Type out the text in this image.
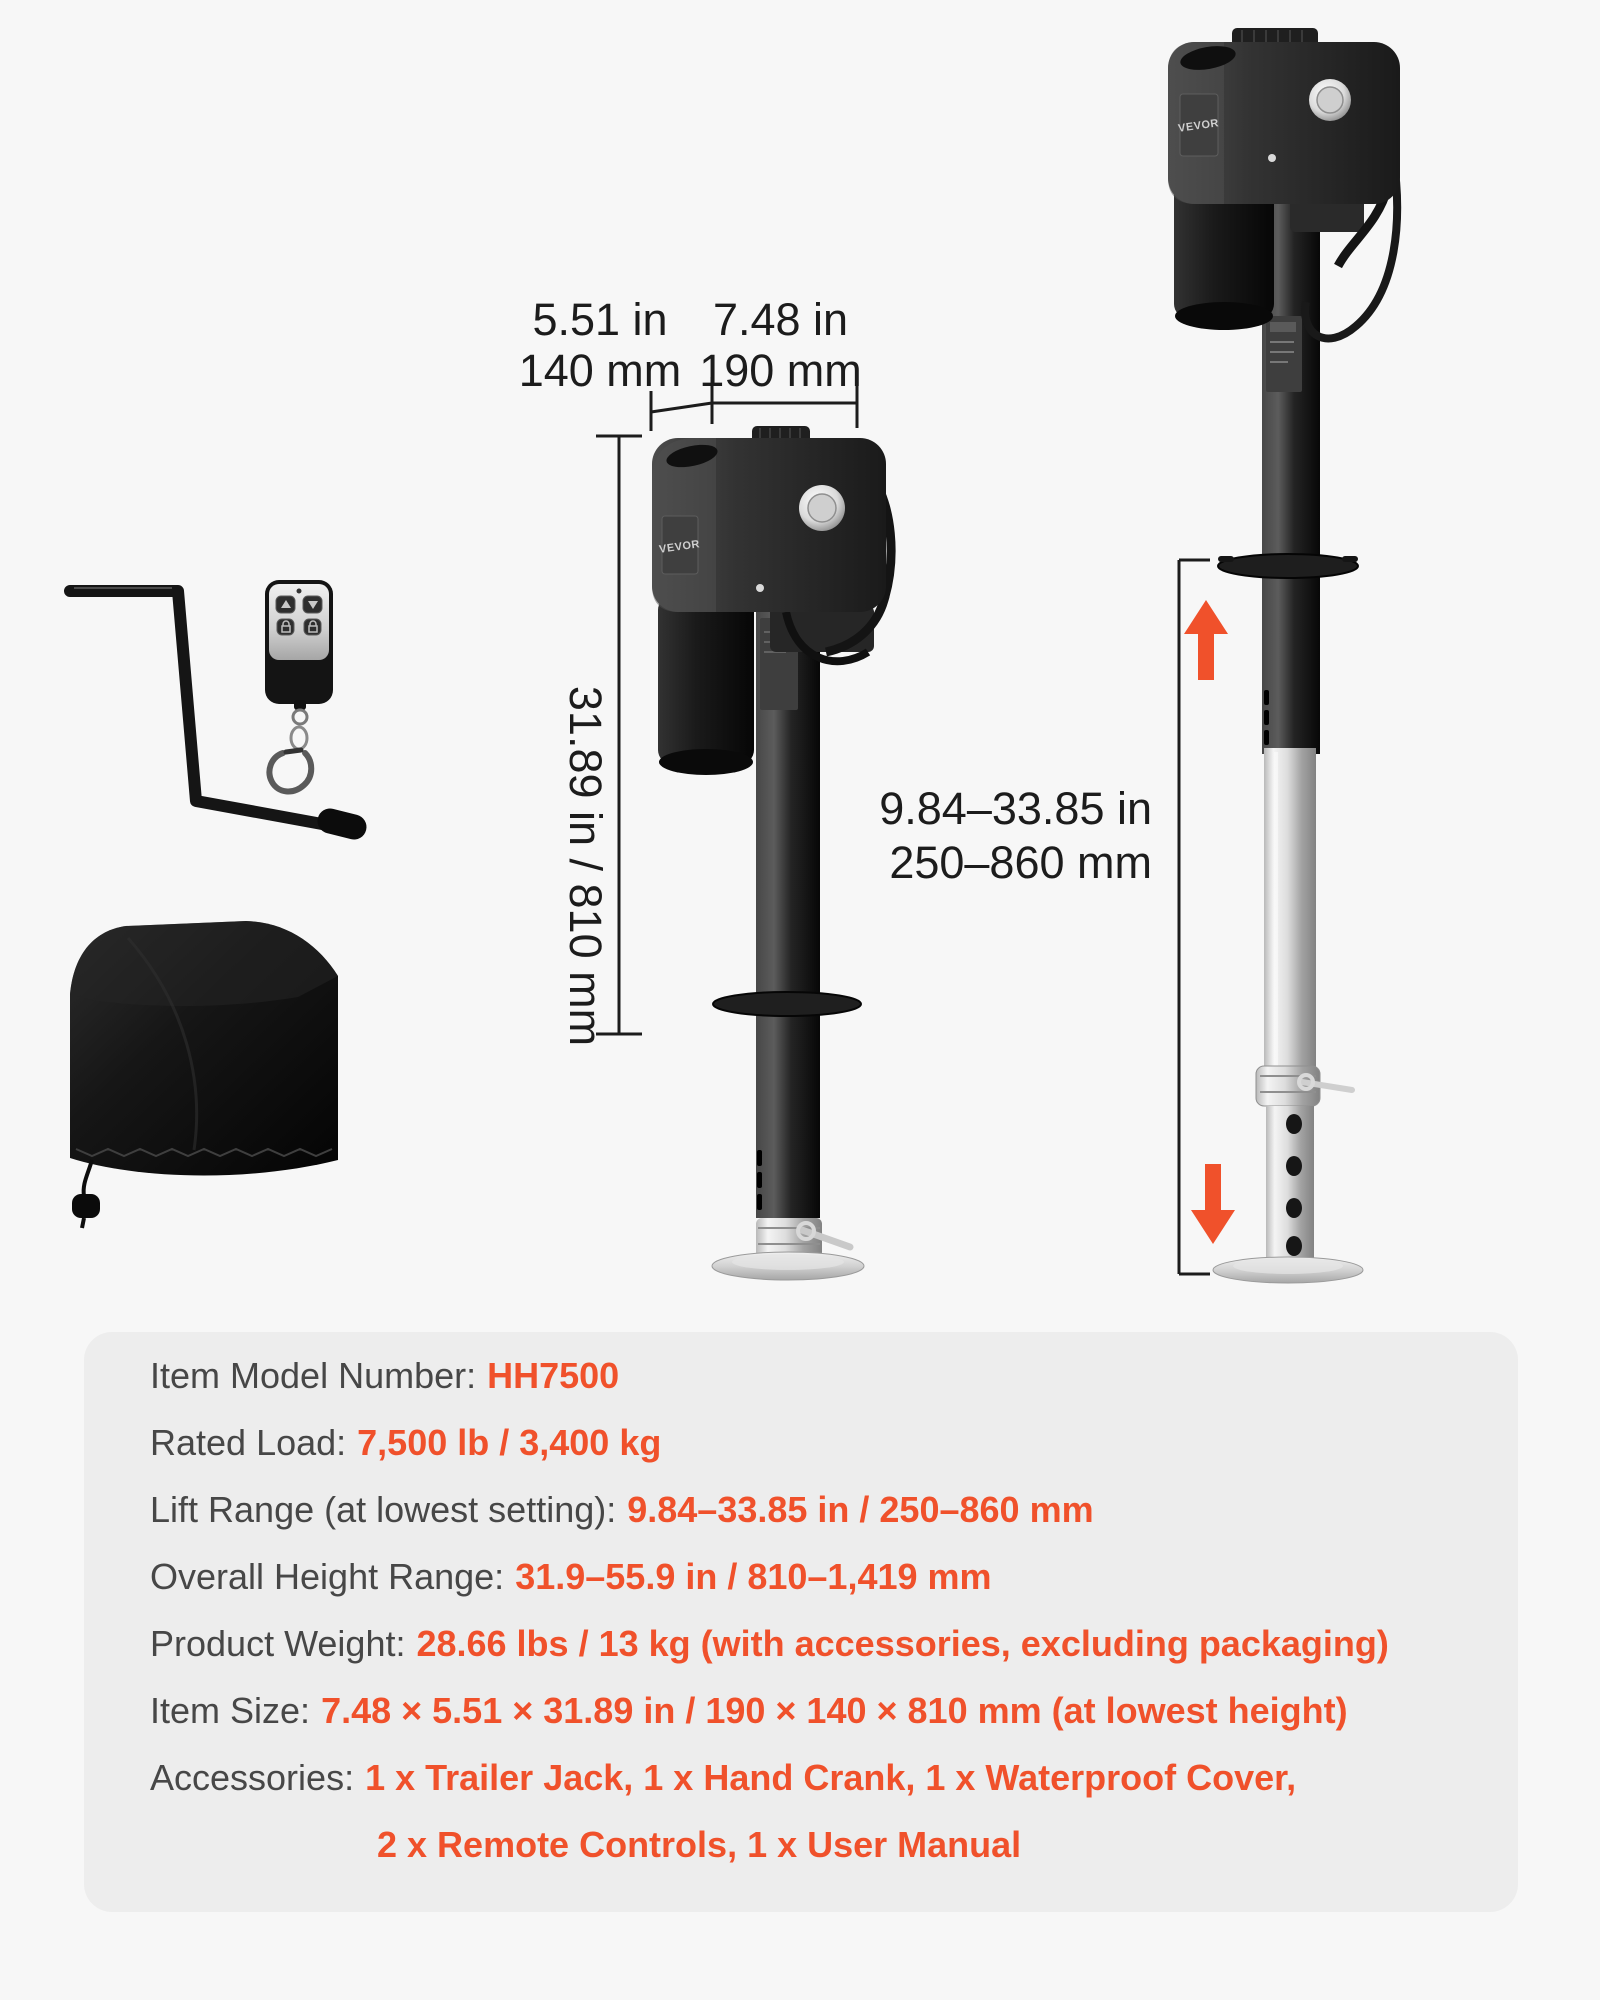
VEVOR
VEVOR
5.51 in
140 mm
7.48 in
190 mm
31.89 in / 810 mm	9.84–33.85 in
250–860 mm
Item Model Number: HH7500
Rated Load: 7,500 lb / 3,400 kg
Lift Range (at lowest setting): 9.84–33.85 in / 250–860 mm
Overall Height Range: 31.9–55.9 in / 810–1,419 mm
Product Weight: 28.66 lbs / 13 kg (with accessories, excluding packaging)
Item Size: 7.48 × 5.51 × 31.89 in / 190 × 140 × 810 mm (at lowest height)
Accessories: 1 x Trailer Jack, 1 x Hand Crank, 1 x Waterproof Cover,
2 x Remote Controls, 1 x User Manual
